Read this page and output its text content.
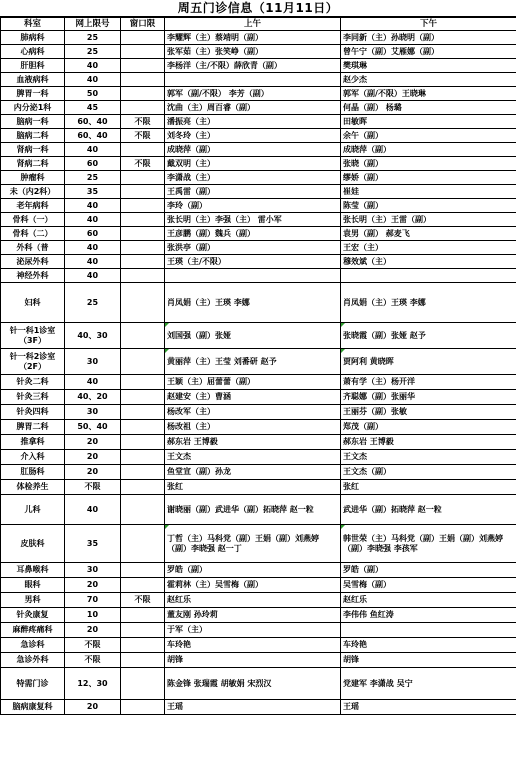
周五门诊信息（11月11日）
科室	网上限号	窗口限	上午	下午
肺病科	25		李耀辉（主）蔡靖明（副）	李同新（主）孙晓明（副）
心病科	25		张军茹（主）张笑峥（副）	曾午宁（副）艾雁娜（副）
肝胆科	40		李杨洋（主/不限）薛欣青（副）	樊琪琳
血液病科	40			赵少杰
脾胃一科	50		郭军（副/不限） 李芳（副）	郭军（副/不限）王晓琳
内分泌1科	45		沈曲（主）周百睿（副）	何晶（副） 杨璐
脑病一科	60、40	不限	潘振亮（主）	田敏晖
脑病二科	60、40	不限	刘冬玲（主）	余午（副）
肾病一科	40		成晓萍（副）	成晓萍（副）
肾病二科	60	不限	戴双明（主）	张晓（副）
肿瘤科	25		李潇战（主）	缪娇（副）
未（内2科）	35		王禹雷（副）	崔娃
老年病科	40		李玲（副）	陈莹（副）
骨科（一）	40		张长明（主）李强（主） 雷小军	张长明（主）王雷（副）
骨科（二）	60		王彦鹏（副）魏兵（副）	袁男（副） 郝麦飞
外科（普	40		张洪亭（副）	王宏（主）
泌尿外科	40		王瑛（主/不限）	穆效斌（主）
神经外科	40			
妇科	25		肖凤娟（主）王瑛 李娜	肖凤娟（主）王瑛 李娜
针一科1诊室（3F）	40、30		刘国强（副）张娅	张晓霞（副）张娅 赵予
针一科2诊室（2F）	30		黄丽萍（主）王莹 刘番研 赵予	贾阿利 黄晓晖
针灸二科	40		王颖（主）屈蕾蕾（副）	萧有学（主）杨开洋
针灸三科	40、20		赵建安（主）曹涵	齐聪娜（副）张丽华
针灸四科	30		杨改军（主）	王丽芬（副）张敏
脾胃二科	50、40		杨改祖（主）	郑茂（副）
推拿科	20		郝东岩 王博毅	郝东岩 王博毅
介入科	20		王文杰	王文杰
肛肠科	20		鱼堂宣（副）孙龙	王文杰（副）
体检养生	不限		张红	张红
儿科	40		谢晓丽（副）武进华（副）拓晓萍 赵一粒	武进华（副）拓晓萍 赵一粒
皮肤科	35		丁哲（主）马科党（副）王娟（副）刘燕婷（副）李晓强 赵一丁	韩世荣（主）马科党（副）王娟（副）刘燕婷（副）李晓强 李孩军
耳鼻喉科	30		罗皓（副）	罗皓（副）
眼科	20		霍莉林（主）吴雪梅（副）	吴雪梅（副）
男科	70	不限	赵红乐	赵红乐
针灸康复	10		董友刚 孙玲莉	李伟伟 鱼红涛
麻醉疼痛科	20		于军（主）	
急诊科	不限		车玲艳	车玲艳
急诊外科	不限		胡锋	胡锋
特需门诊	12、30		陈金锋 张瑞霞 胡敏娟 宋烈汉	党建军 李潇战 吴宁
脑病康复科	20		王瑶	王瑶
